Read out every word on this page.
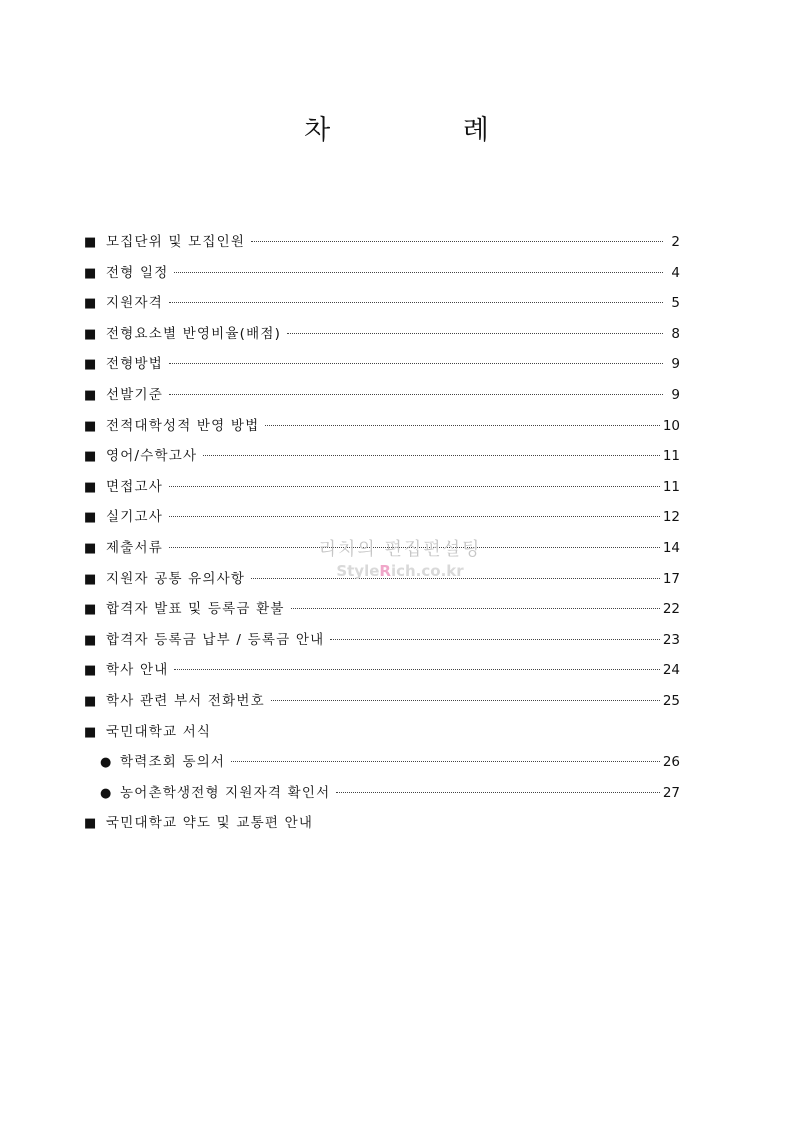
차 례
■ 모집단위 및 모집인원	2
■ 전형 일정	4
■ 지원자격	5
■ 전형요소별 반영비율(배점)	8
■ 전형방법	9
■ 선발기준	9
■ 전적대학성적 반영 방법	10
■ 영어/수학고사	11
■ 면접고사	11
■ 실기고사	12
■ 제출서류	14
■ 지원자 공통 유의사항	17
■ 합격자 발표 및 등록금 환불	22
■ 합격자 등록금 납부 / 등록금 안내	23
■ 학사 안내	24
■ 학사 관련 부서 전화번호	25
■ 국민대학교 서식
● 학력조회 동의서	26
● 농어촌학생전형 지원자격 확인서	27
■ 국민대학교 약도 및 교통편 안내
리치의 편집편설팅
StyleRich.co.kr
